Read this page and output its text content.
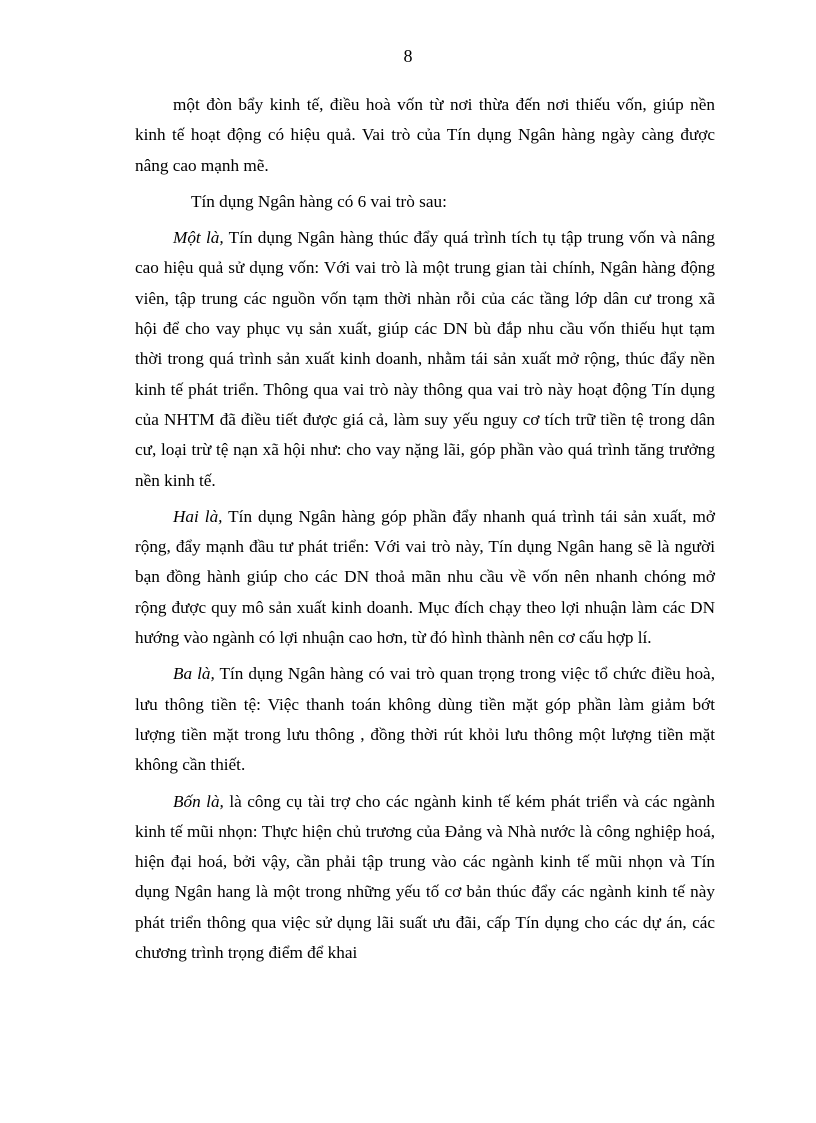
8

một đòn bẩy kinh tế, điều hoà vốn từ nơi thừa đến nơi thiếu vốn, giúp nền kinh tế hoạt động có hiệu quả. Vai trò của Tín dụng Ngân hàng ngày càng được nâng cao mạnh mẽ.

Tín dụng Ngân hàng có 6 vai trò sau:

Một là, Tín dụng Ngân hàng thúc đẩy quá trình tích tụ tập trung vốn và nâng cao hiệu quả sử dụng vốn: Với vai trò là một trung gian tài chính, Ngân hàng động viên, tập trung các nguồn vốn tạm thời nhàn rỗi của các tầng lớp dân cư trong xã hội để cho vay phục vụ sản xuất, giúp các DN bù đắp nhu cầu vốn thiếu hụt tạm thời trong quá trình sản xuất kinh doanh, nhằm tái sản xuất mở rộng, thúc đẩy nền kinh tế phát triển. Thông qua vai trò này thông qua vai trò này hoạt động Tín dụng của NHTM đã điều tiết được giá cả, làm suy yếu nguy cơ tích trữ tiền tệ trong dân cư, loại trừ tệ nạn xã hội như: cho vay nặng lãi, góp phần vào quá trình tăng trưởng nền kinh tế.

Hai là, Tín dụng Ngân hàng góp phần đẩy nhanh quá trình tái sản xuất, mở rộng, đẩy mạnh đầu tư phát triển: Với vai trò này, Tín dụng Ngân hang sẽ là người bạn đồng hành giúp cho các DN thoả mãn nhu cầu về vốn nên nhanh chóng mở rộng được quy mô sản xuất kinh doanh. Mục đích chạy theo lợi nhuận làm các DN hướng vào ngành có lợi nhuận cao hơn, từ đó hình thành nên cơ cấu hợp lí.

Ba là, Tín dụng Ngân hàng có vai trò quan trọng trong việc tổ chức điều hoà, lưu thông tiền tệ: Việc thanh toán không dùng tiền mặt góp phần làm giảm bớt lượng tiền mặt trong lưu thông , đồng thời rút khỏi lưu thông một lượng tiền mặt không cần thiết.

Bốn là, là công cụ tài trợ cho các ngành kinh tế kém phát triển và các ngành kinh tế mũi nhọn: Thực hiện chủ trương của Đảng và Nhà nước là công nghiệp hoá, hiện đại hoá, bởi vậy, cần phải tập trung vào các ngành kinh tế mũi nhọn và Tín dụng Ngân hang là một trong những yếu tố cơ bản thúc đẩy các ngành kinh tế này phát triển thông qua việc sử dụng lãi suất ưu đãi, cấp Tín dụng cho các dự án, các chương trình trọng điểm để khai
